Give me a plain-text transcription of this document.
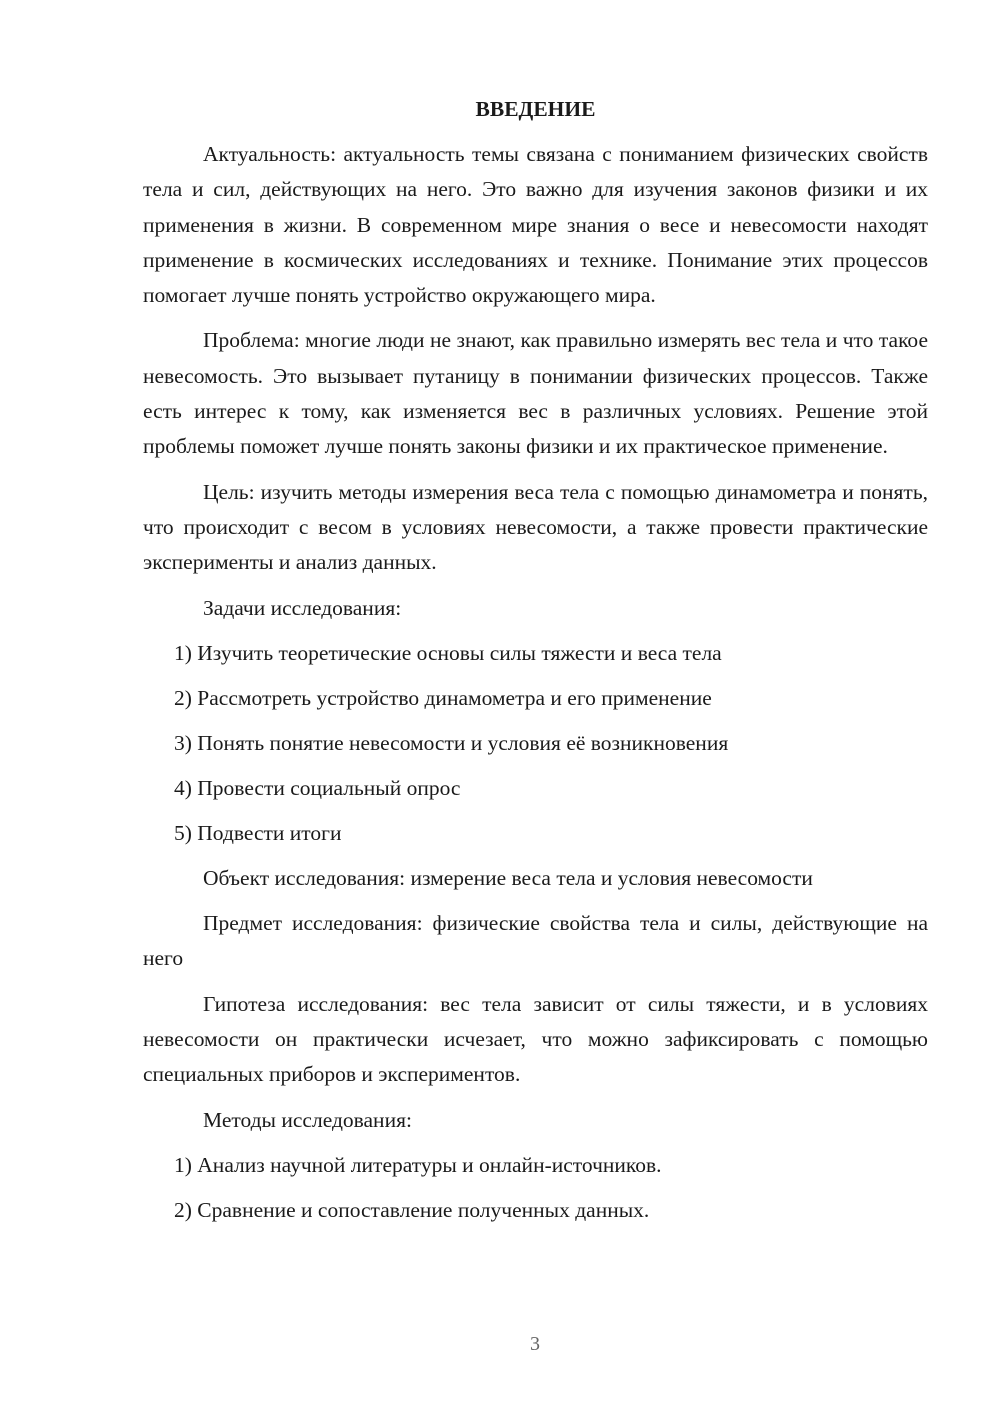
ВВЕДЕНИЕ

Актуальность: актуальность темы связана с пониманием физических свойств тела и сил, действующих на него. Это важно для изучения законов физики и их применения в жизни. В современном мире знания о весе и невесомости находят применение в космических исследованиях и технике. Понимание этих процессов помогает лучше понять устройство окружающего мира.

Проблема: многие люди не знают, как правильно измерять вес тела и что такое невесомость. Это вызывает путаницу в понимании физических процессов. Также есть интерес к тому, как изменяется вес в различных условиях. Решение этой проблемы поможет лучше понять законы физики и их практическое применение.

Цель: изучить методы измерения веса тела с помощью динамометра и понять, что происходит с весом в условиях невесомости, а также провести практические эксперименты и анализ данных.

Задачи исследования:

1) Изучить теоретические основы силы тяжести и веса тела
2) Рассмотреть устройство динамометра и его применение
3) Понять понятие невесомости и условия её возникновения
4) Провести социальный опрос
5) Подвести итоги

Объект исследования: измерение веса тела и условия невесомости

Предмет исследования: физические свойства тела и силы, действующие на него

Гипотеза исследования: вес тела зависит от силы тяжести, и в условиях невесомости он практически исчезает, что можно зафиксировать с помощью специальных приборов и экспериментов.

Методы исследования:

1) Анализ научной литературы и онлайн-источников.
2) Сравнение и сопоставление полученных данных.
3
